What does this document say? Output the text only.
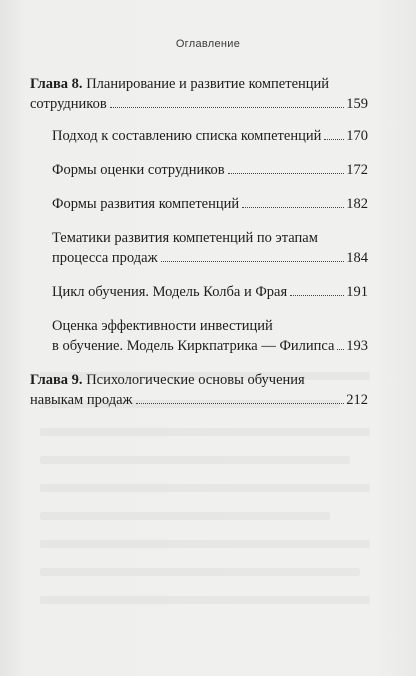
Оглавление
Глава 8. Планирование и развитие компетенций
сотрудников	159
Подход к составлению списка компетенций 170
Формы оценки сотрудников	172
Формы развития компетенций	182
Тематики развития компетенций по этапам
процесса продаж	184
Цикл обучения. Модель Колба и Фрая	191
Оценка эффективности инвестиций
в обучение. Модель Киркпатрика — Филипса 193
Глава 9. Психологические основы обучения
навыкам продаж	212
